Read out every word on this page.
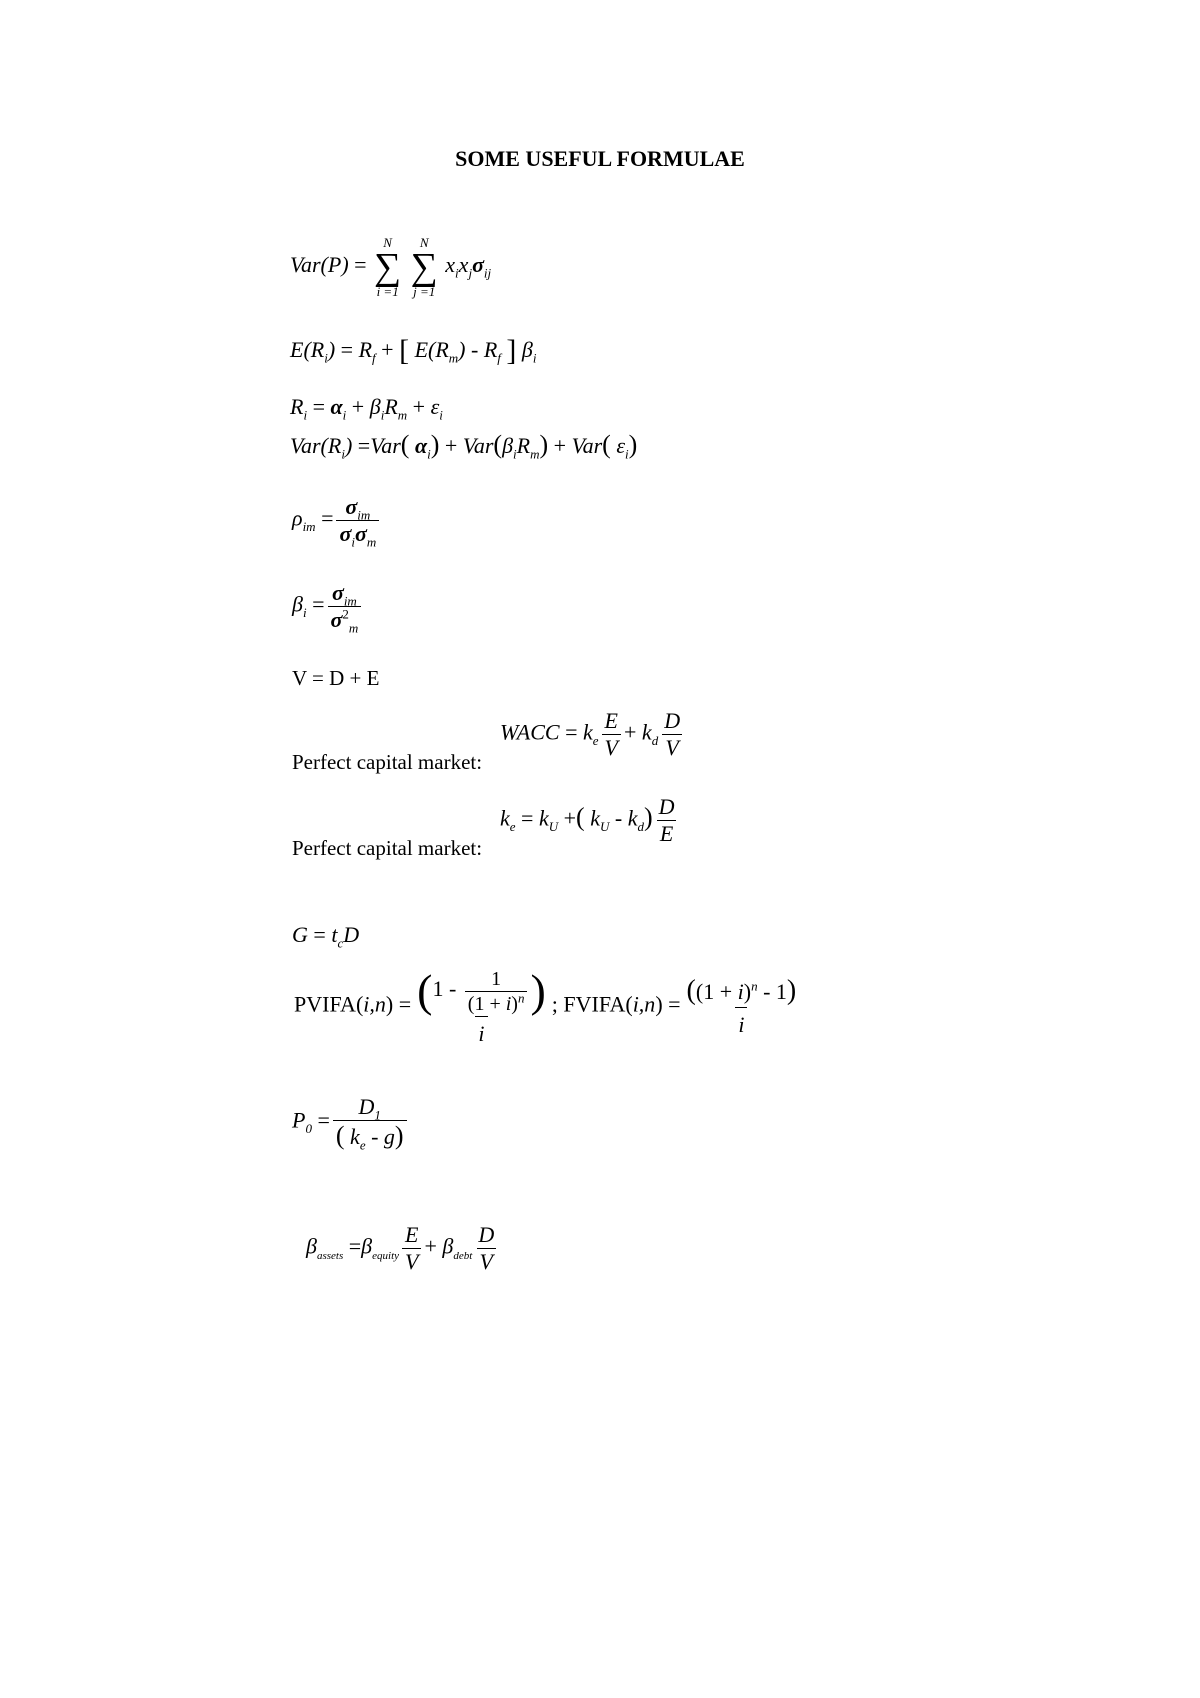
SOME USEFUL FORMULAE
Var(P) =
N
∑
i =1

N
∑
j =1
$x_ix_j\sigma_{ij}$
$E(R_i) = R_f$ + [ $E(R_m) - R_f$ ] $\beta_i$
$R_i = \alpha_i + \beta_iR_m + \varepsilon_i$
$Var(R_i) =Var$( $\alpha_i) + Var(\beta_iR_m) + Var$( $\varepsilon_i$)
$\rho_{im} = \frac{\sigma_{im}}{\sigma_i\sigma_m}$
$\beta_i = \frac{\sigma_{im}}{\sigma^2_m}$
V = D + E
Perfect capital market:
WACC = $k_e \frac{E}{V} + k_d \frac{D}{V}$
Perfect capital market:
$k_e = k_U$ +( $k_U - k_d) \frac{D}{E}$
$G = t_cD$
PVIFA(i,n) = $\frac{(1 - \frac{1}{(1 + i)^n} )}{i}$ ; FVIFA(i,n) = $\frac{((1 + i)^n - 1)}{i}$
$P_0 = \frac{D_1}{( k_e - g)}$
$\beta_{assets} =\beta_{equity} \frac{E}{V} + \beta_{debt} \frac{D}{V}$
